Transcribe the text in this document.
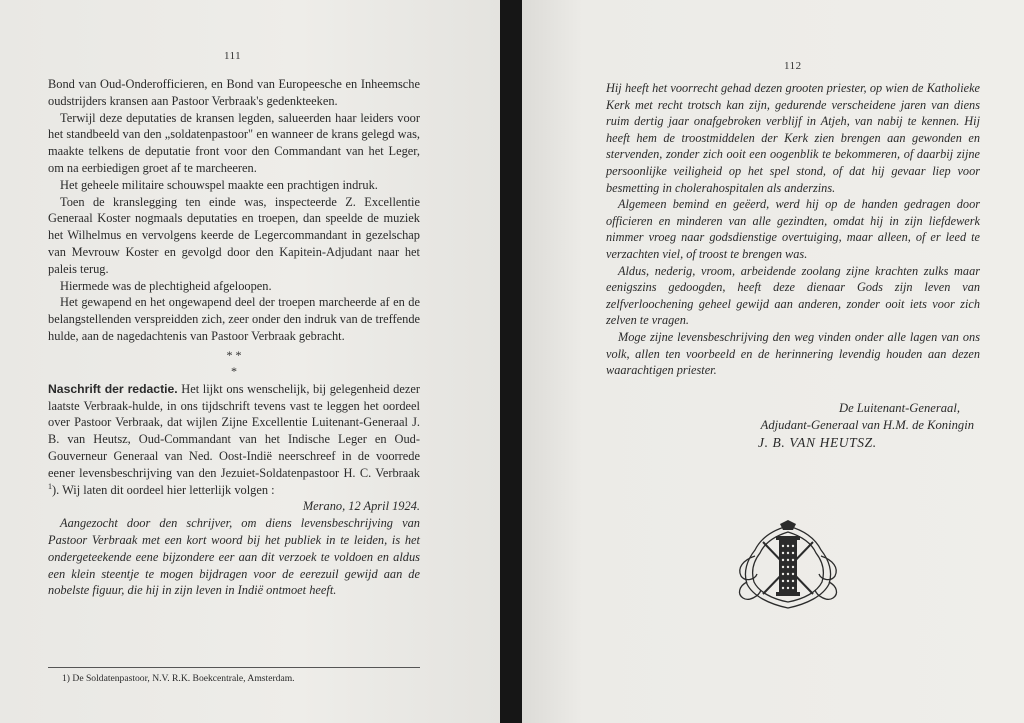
111

Bond van Oud-Onderofficieren, en Bond van Europeesche en Inheemsche oudstrijders kransen aan Pastoor Verbraak's gedenkteeken.

Terwijl deze deputaties de kransen legden, salueerden haar leiders voor het standbeeld van den „soldatenpastoor" en wanneer de krans gelegd was, maakte telkens de deputatie front voor den Commandant van het Leger, om na eerbiedigen groet af te marcheeren.

Het geheele militaire schouwspel maakte een prachtigen indruk.

Toen de kranslegging ten einde was, inspecteerde Z. Excellentie Generaal Koster nogmaals deputaties en troepen, dan speelde de muziek het Wilhelmus en vervolgens keerde de Legercommandant in gezelschap van Mevrouw Koster en gevolgd door den Kapitein-Adjudant naar het paleis terug.

Hiermede was de plechtigheid afgeloopen.

Het gewapend en het ongewapend deel der troepen marcheerde af en de belangstellenden verspreidden zich, zeer onder den indruk van de treffende hulde, aan de nagedachtenis van Pastoor Verbraak gebracht.

* *
*

Naschrift der redactie. Het lijkt ons wenschelijk, bij gelegenheid dezer laatste Verbraak-hulde, in ons tijdschrift tevens vast te leggen het oordeel over Pastoor Verbraak, dat wijlen Zijne Excellentie Luitenant-Generaal J. B. van Heutsz, Oud-Commandant van het Indische Leger en Oud-Gouverneur Generaal van Ned. Oost-Indië neerschreef in de voorrede eener levensbeschrijving van den Jezuiet-Soldatenpastoor H. C. Verbraak $^1$). Wij laten dit oordeel hier letterlijk volgen :

Merano, 12 April 1924.

Aangezocht door den schrijver, om diens levensbeschrijving van Pastoor Verbraak met een kort woord bij het publiek in te leiden, is het ondergeteekende eene bijzondere eer aan dit verzoek te voldoen en aldus een klein steentje te mogen bijdragen voor de eerezuil gewijd aan de nobelste figuur, die hij in zijn leven in Indië ontmoet heeft.

1) De Soldatenpastoor, N.V. R.K. Boekcentrale, Amsterdam.
112

Hij heeft het voorrecht gehad dezen grooten priester, op wien de Katholieke Kerk met recht trotsch kan zijn, gedurende verscheidene jaren van diens ruim dertig jaar onafgebroken verblijf in Atjeh, van nabij te kennen. Hij heeft hem de troostmiddelen der Kerk zien brengen aan gewonden en stervenden, zonder zich ooit een oogenblik te bekommeren, of daarbij zijne persoonlijke veiligheid op het spel stond, of dat hij gevaar liep voor besmetting in cholerahospitalen als anderzins.

Algemeen bemind en geëerd, werd hij op de handen gedragen door officieren en minderen van alle gezindten, omdat hij in zijn liefdewerk nimmer vroeg naar godsdienstige overtuiging, maar alleen, of er leed te verzachten viel, of troost te brengen was.

Aldus, nederig, vroom, arbeidende zoolang zijne krachten zulks maar eenigszins gedoogden, heeft deze dienaar Gods zijn leven van zelfverloochening geheel gewijd aan anderen, zonder ooit iets voor zich zelven te vragen.

Moge zijne levensbeschrijving den weg vinden onder alle lagen van ons volk, allen ten voorbeeld en de herinnering levendig houden aan dezen waarachtigen priester.

De Luitenant-Generaal,
Adjudant-Generaal van H.M. de Koningin
J. B. VAN HEUTSZ.
